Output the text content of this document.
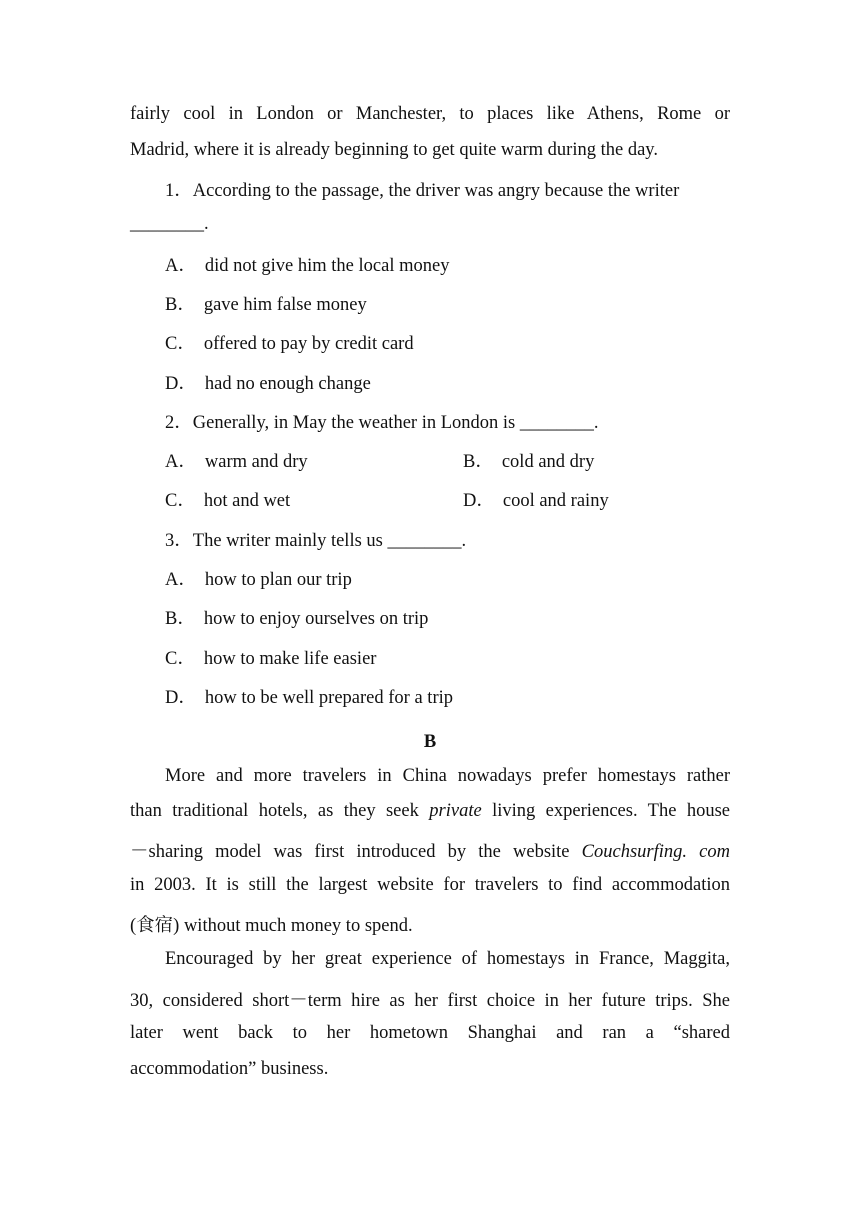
fairly cool in London or Manchester, to places like Athens, Rome or
Madrid, where it is already beginning to get quite warm during the day.
1．According to the passage, the driver was angry because the writer
________.
A． did not give him the local money
B． gave him false money
C． offered to pay by credit card
D． had no enough change
2．Generally, in May the weather in London is ________.
A． warm and dry	B． cold and dry
C． hot and wet	D． cool and rainy
3．The writer mainly tells us ________.
A． how to plan our trip
B． how to enjoy ourselves on trip
C． how to make life easier
D． how to be well prepared for a trip
B
More and more travelers in China nowadays prefer homestays rather
than traditional hotels, as they seek private living experiences. The house
－sharing model was first introduced by the website Couchsurfing. com
in 2003. It is still the largest website for travelers to find accommodation
(食宿) without much money to spend.
Encouraged by her great experience of homestays in France, Maggita,
30, considered short－term hire as her first choice in her future trips. She
later went back to her hometown Shanghai and ran a “shared
accommodation” business.
